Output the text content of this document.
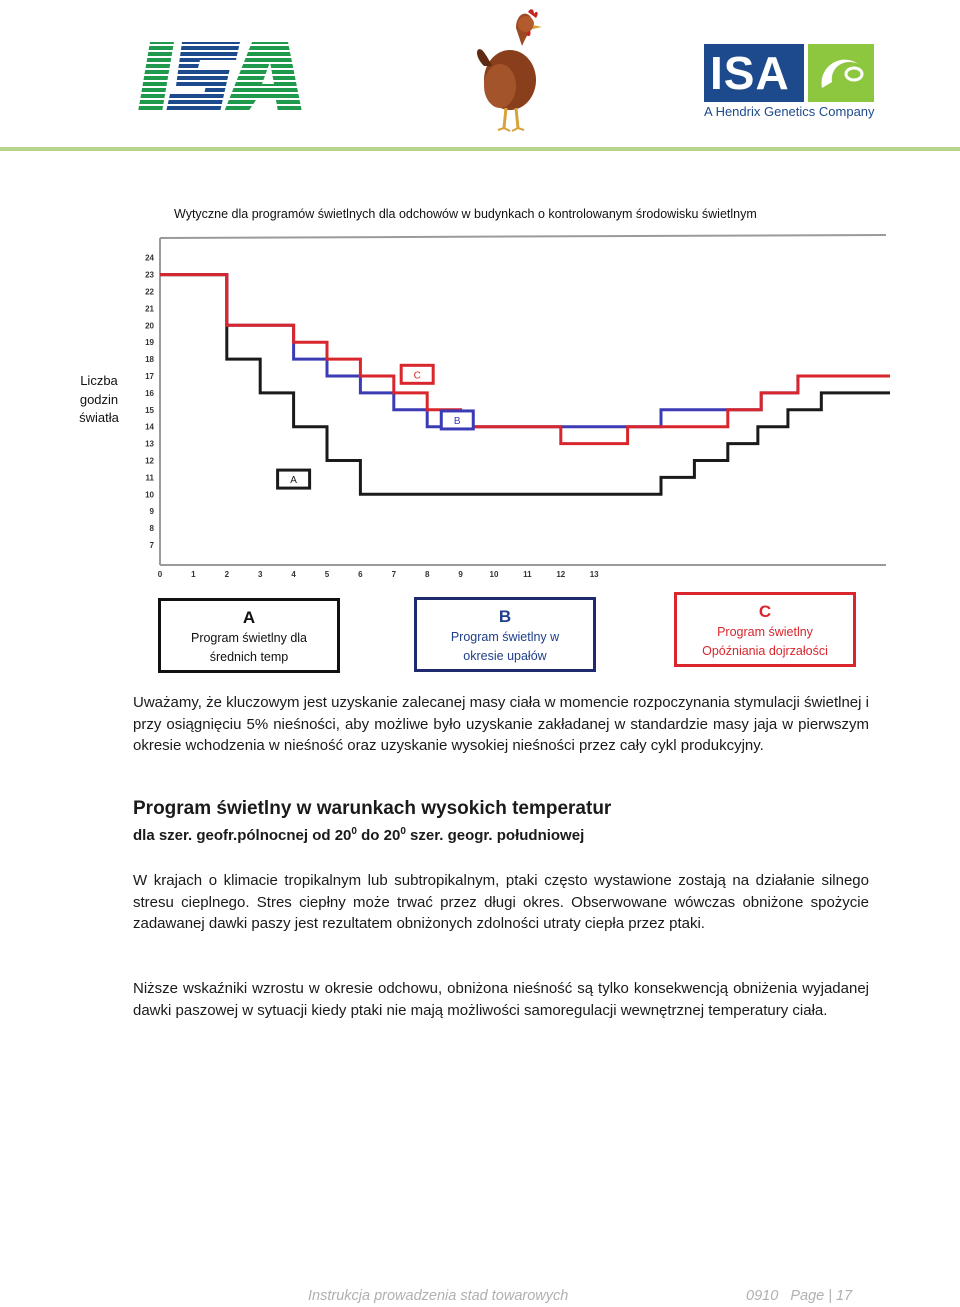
ISA
A Hendrix Genetics Company
Wytyczne dla programów świetlnych dla odchowów w budynkach o kontrolowanym środowisku świetlnym
Liczba
godzin
światła
7
8
9
10
11
12
13
14
15
16
17
18
19
20
21
22
23
24
0	1	2	3	4	5	6	7	8	9	10	11	12	13
A
B
C
A
Program świetlny dla
średnich temp
B
Program świetlny w
okresie upałów
C
Program świetlny
Opóźniania dojrzałości
Uważamy, że kluczowym jest uzyskanie zalecanej masy ciała w momencie rozpoczynania stymulacji świetlnej i przy osiągnięciu 5% nieśności, aby możliwe było uzyskanie zakładanej w standardzie masy jaja w pierwszym okresie wchodzenia w nieśność oraz uzyskanie wysokiej nieśności przez cały cykl produkcyjny.
Program świetlny w warunkach wysokich temperatur
dla szer. geofr.pólnocnej od $20^0$ do $20^0$ szer. geogr. południowej
W krajach o klimacie tropikalnym lub subtropikalnym, ptaki często wystawione zostają na działanie silnego stresu cieplnego. Stres ciepłny może trwać przez długi okres. Obserwowane wówczas obniżone spożycie zadawanej dawki paszy jest rezultatem obniżonych zdolności utraty ciepła przez ptaki.
Niższe wskaźniki wzrostu w okresie odchowu, obniżona nieśność są tylko konsekwencją obniżenia wyjadanej dawki paszowej w sytuacji kiedy ptaki nie mają możliwości samoregulacji wewnętrznej temperatury ciała.
Instrukcja prowadzenia stad towarowych	0910   Page | 17
